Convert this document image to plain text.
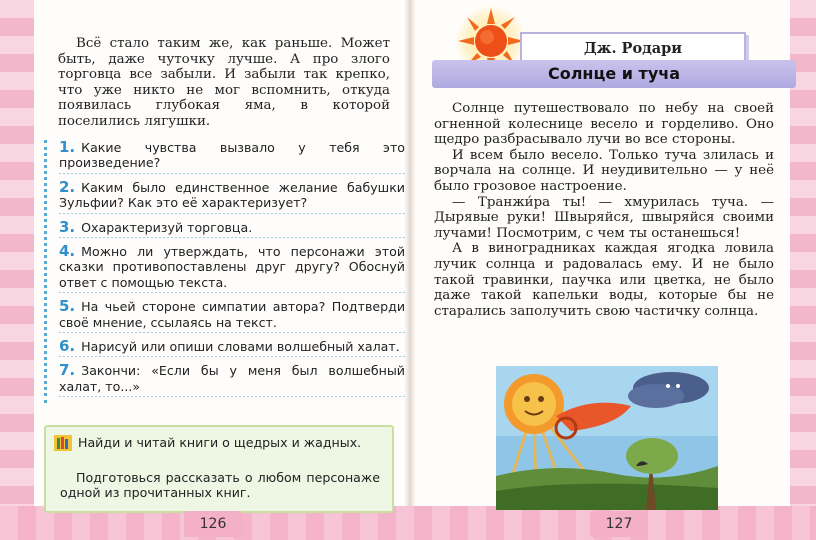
Всё стало таким же, как раньше. Может быть, даже чуточку лучше. А про злого торговца все забыли. И забыли так крепко, что уже никто не мог вспомнить, откуда появилась глубокая яма, в которой поселились лягушки.

1. Какие чувства вызвало у тебя это произведение?
2. Каким было единственное желание бабушки Зульфии? Как это её характеризует?
3. Охарактеризуй торговца.
4. Можно ли утверждать, что персонажи этой сказки противопоставлены друг другу? Обоснуй ответ с помощью текста.
5. На чьей стороне симпатии автора? Подтверди своё мнение, ссылаясь на текст.
6. Нарисуй или опиши словами волшебный халат.
7. Закончи: «Если бы у меня был волшебный халат, то...»
Найди и читай книги о щедрых и жадных.
Подготовься рассказать о любом персонаже одной из прочитанных книг.
126
Дж. Родари
Солнце и туча

Солнце путешествовало по небу на своей огненной колеснице весело и горделиво. Оно щедро разбрасывало лучи во все стороны.

И всем было весело. Только туча злилась и ворчала на солнце. И неудивительно — у неё было грозовое настроение.

— Транжи́ра ты! — хмурилась туча. — Дырявые руки! Швыряйся, швыряйся своими лучами! Посмотрим, с чем ты останешься!

А в виноградниках каждая ягодка ловила лучик солнца и радовалась ему. И не было такой травинки, паучка или цветка, не было даже такой капельки воды, которые бы не старались заполучить свою частичку солнца.

127
